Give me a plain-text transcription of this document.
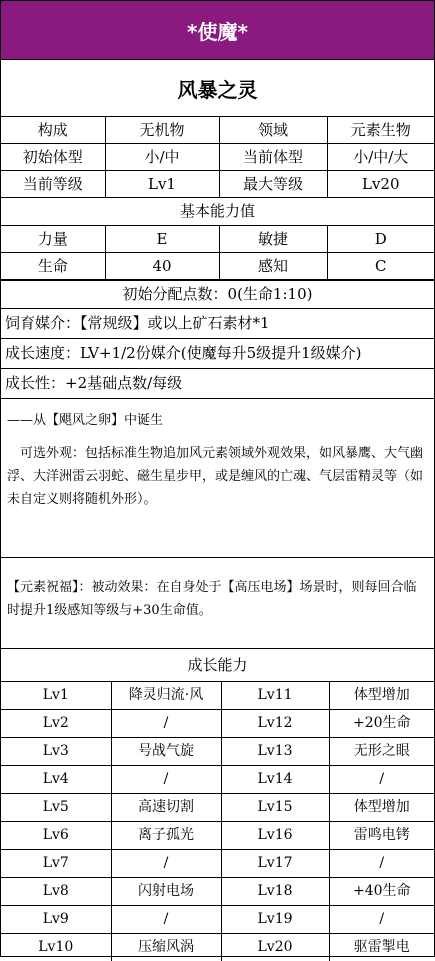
*使魔*
风暴之灵
构成	无机物	领域	元素生物
初始体型	小/中	当前体型	小/中/大
当前等级	Lv1	最大等级	Lv20
基本能力值
力量	E	敏捷	D
生命	40	感知	C
初始分配点数：0(生命1:10)
饲育媒介：【常规级】或以上矿石素材*1
成长速度：LV+1/2份媒介(使魔每升5级提升1级媒介)
成长性：+2基础点数/每级
——从【飓风之卵】中诞生
可选外观：包括标准生物追加风元素领域外观效果，如风暴鹰、大气幽浮、大洋洲雷云羽蛇、磁生星步甲，或是缠风的亡魂、气层雷精灵等（如未自定义则将随机外形）。
【元素祝福】：被动效果：在自身处于【高压电场】场景时，则每回合临时提升1级感知等级与+30生命值。
成长能力
Lv1	降灵归流·风	Lv11	体型增加
Lv2	/	Lv12	+20生命
Lv3	号战气旋	Lv13	无形之眼
Lv4	/	Lv14	/
Lv5	高速切割	Lv15	体型增加
Lv6	离子孤光	Lv16	雷鸣电铐
Lv7	/	Lv17	/
Lv8	闪射电场	Lv18	+40生命
Lv9	/	Lv19	/
Lv10	压缩风涡	Lv20	驱雷掣电
